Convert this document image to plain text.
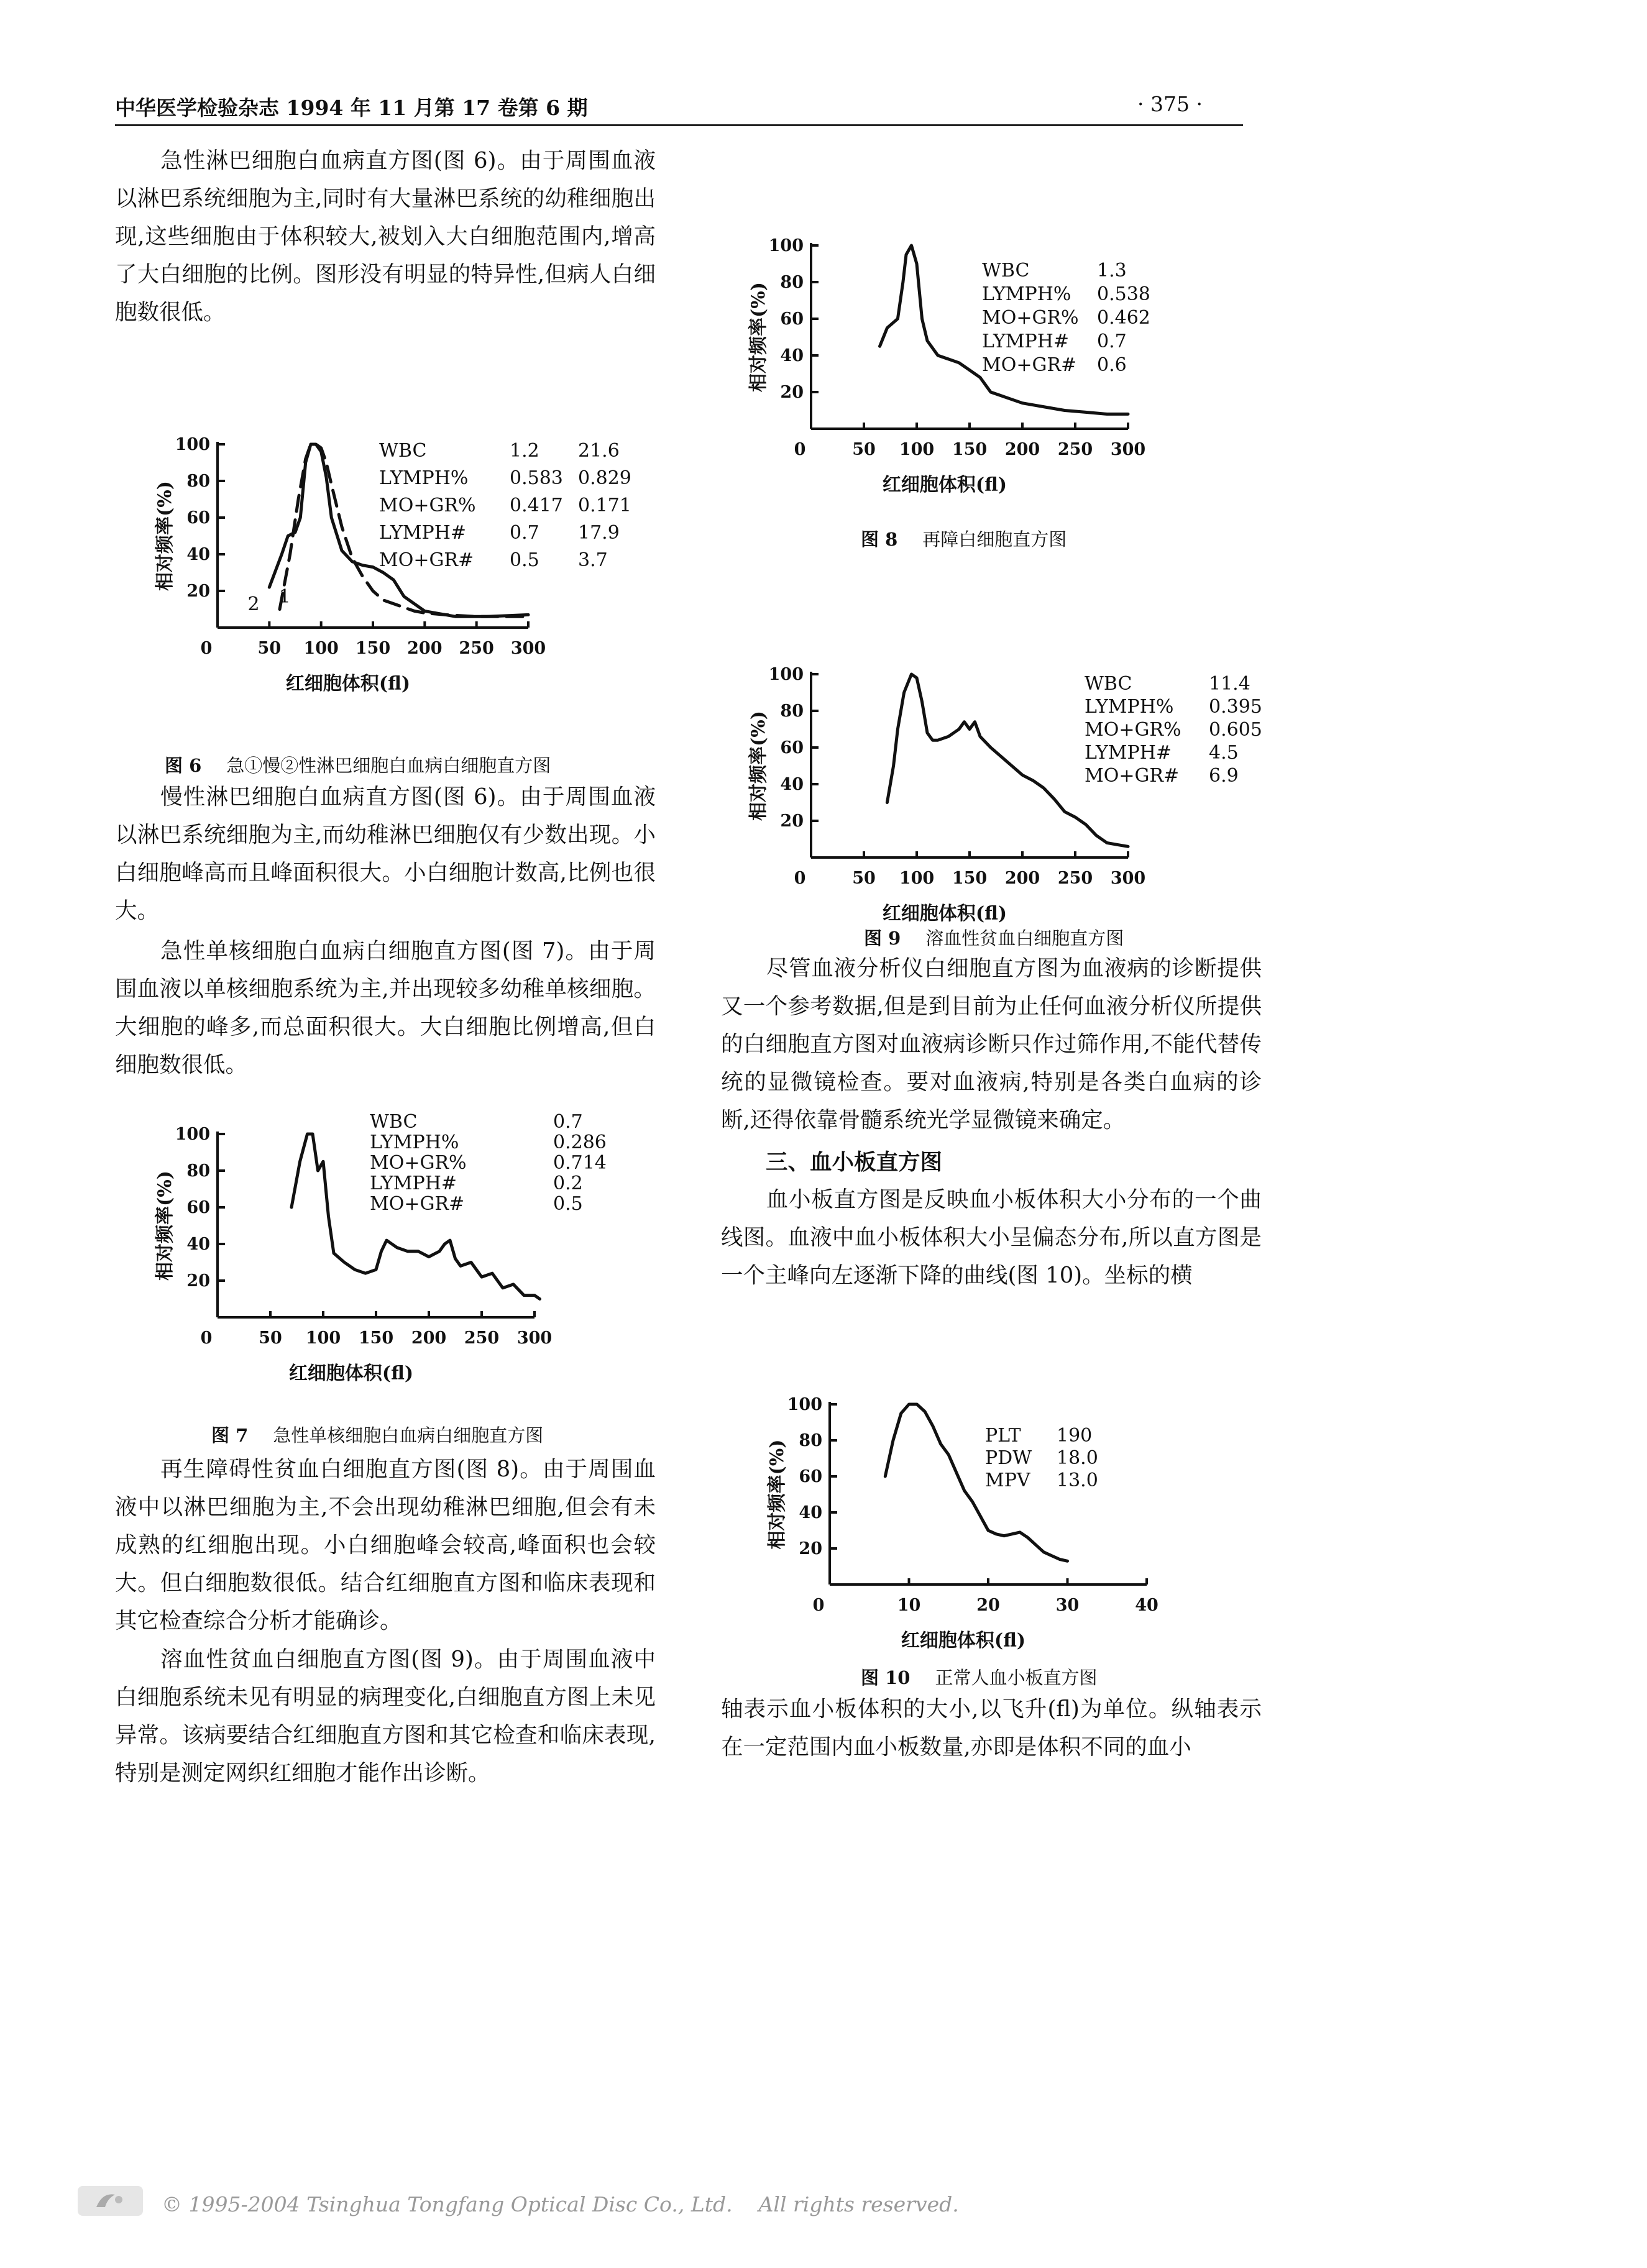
中华医学检验杂志 1994 年 11 月第 17 卷第 6 期	· 375 ·

急性淋巴细胞白血病直方图(图 6)。由于周围血液以淋巴系统细胞为主,同时有大量淋巴系统的幼稚细胞出现,这些细胞由于体积较大,被划入大白细胞范围内,增高了大白细胞的比例。图形没有明显的特异性,但病人白细胞数很低。

20
40
60
80
100
50 100 150 200 250 300
0
红细胞体积(fl)
相对频率(%)
1
2
WBC	1.2 21.6
LYMPH% 0.583 0.829
MO+GR% 0.417 0.171
LYMPH# 0.7 17.9
MO+GR# 0.5 3.7
图 6 急①慢②性淋巴细胞白血病白细胞直方图

慢性淋巴细胞白血病直方图(图 6)。由于周围血液以淋巴系统细胞为主,而幼稚淋巴细胞仅有少数出现。小白细胞峰高而且峰面积很大。小白细胞计数高,比例也很大。

急性单核细胞白血病白细胞直方图(图 7)。由于周围血液以单核细胞系统为主,并出现较多幼稚单核细胞。大细胞的峰多,而总面积很大。大白细胞比例增高,但白细胞数很低。

20
40
60
80
100
50 100 150 200 250 300
0
红细胞体积(fl)
相对频率(%)
WBC	0.7
LYMPH%	0.286
MO+GR%	0.714
LYMPH#	0.2
MO+GR#	0.5
图 7 急性单核细胞白血病白细胞直方图

再生障碍性贫血白细胞直方图(图 8)。由于周围血液中以淋巴细胞为主,不会出现幼稚淋巴细胞,但会有未成熟的红细胞出现。小白细胞峰会较高,峰面积也会较大。但白细胞数很低。结合红细胞直方图和临床表现和其它检查综合分析才能确诊。

溶血性贫血白细胞直方图(图 9)。由于周围血液中白细胞系统未见有明显的病理变化,白细胞直方图上未见异常。该病要结合红细胞直方图和其它检查和临床表现,特别是测定网织红细胞才能作出诊断。

20
40
60
80
100
50 100 150 200 250 300
0
红细胞体积(fl)
相对频率(%)
WBC	1.3
LYMPH% 0.538
MO+GR% 0.462
LYMPH# 0.7
MO+GR# 0.6
图 8 再障白细胞直方图
20
40
60
80
100
50 100 150 200 250 300
0
红细胞体积(fl)
相对频率(%)
WBC	11.4
LYMPH% 0.395
MO+GR% 0.605
LYMPH# 4.5
MO+GR# 6.9
图 9 溶血性贫血白细胞直方图

尽管血液分析仪白细胞直方图为血液病的诊断提供又一个参考数据,但是到目前为止任何血液分析仪所提供的白细胞直方图对血液病诊断只作过筛作用,不能代替传统的显微镜检查。要对血液病,特别是各类白血病的诊断,还得依靠骨髓系统光学显微镜来确定。

三、血小板直方图

血小板直方图是反映血小板体积大小分布的一个曲线图。血液中血小板体积大小呈偏态分布,所以直方图是一个主峰向左逐渐下降的曲线(图 10)。坐标的横

20
40
60
80
100
10	20	30	40
0
红细胞体积(fl)
相对频率(%)
PLT 190
PDW 18.0
MPV 13.0
图 10 正常人血小板直方图

轴表示血小板体积的大小,以飞升(fl)为单位。纵轴表示在一定范围内血小板数量,亦即是体积不同的血小

© 1995-2004 Tsinghua Tongfang Optical Disc Co., Ltd.    All rights reserved.
